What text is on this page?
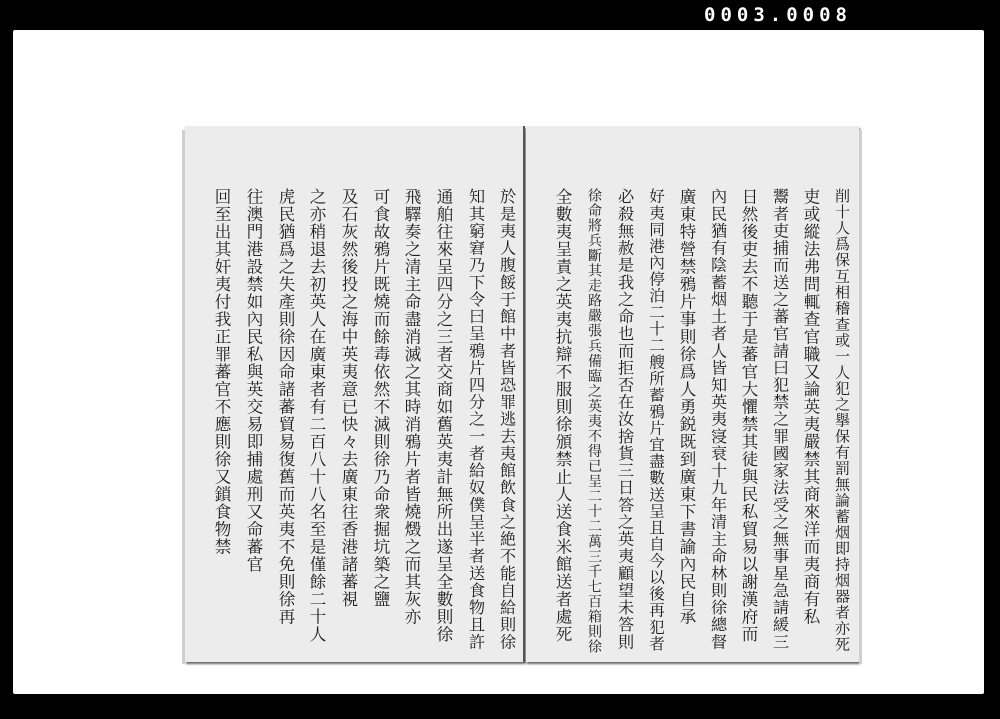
0003.0008
於是夷人腹餒于館中者皆恐罪逃去夷館飲食之絶不能自給則徐
知其窮窘乃下令曰呈鴉片四分之一者給奴僕呈半者送食物且許
通舶往來呈四分之三者交商如舊英夷計無所出遂呈全數則徐
飛驛奏之清主命盡消滅之其時消鴉片者皆燒燬之而其灰亦
可食故鴉片既燒而餘毒依然不滅則徐乃命衆掘坑築之鹽
及石灰然後投之海中英夷意已快々去廣東往香港諸蕃視
之亦稍退去初英人在廣東者有二百八十八名至是僅餘二十人
虎民猶爲之失產則徐因命諸蕃貿易復舊而英夷不免則徐再
往澳門港設禁如內民私與英交易即捕處刑又命蕃官
回至出其奸夷付我正罪蕃官不應則徐又鎖食物禁	削十人爲保互相稽查或一人犯之擧保有罰無論蓄烟即持烟器者亦死
吏或縱法弗問輒查官職又論英夷嚴禁其商來洋而夷商有私
鬻者吏捕而送之蕃官請曰犯禁之罪國家法受之無事星急請緩三
日然後吏去不聽于是蕃官大懼禁其徒與民私貿易以謝漢府而
內民猶有陰蓄烟土者人皆知英夷寖衰十九年清主命林則徐總督
廣東特營禁鴉片事則徐爲人勇鋭既到廣東下書諭內民自承
好夷同港內停泊二十二艘所蓄鴉片宜盡數送呈且自今以後再犯者
必殺無赦是我之命也而拒否在汝捨貨三日答之英夷顧望未答則
徐命將兵斷其走路嚴張兵備臨之英夷不得已呈二十二萬三千七百箱則徐
全數夷呈責之英夷抗辯不服則徐頒禁止人送食米館送者處死
